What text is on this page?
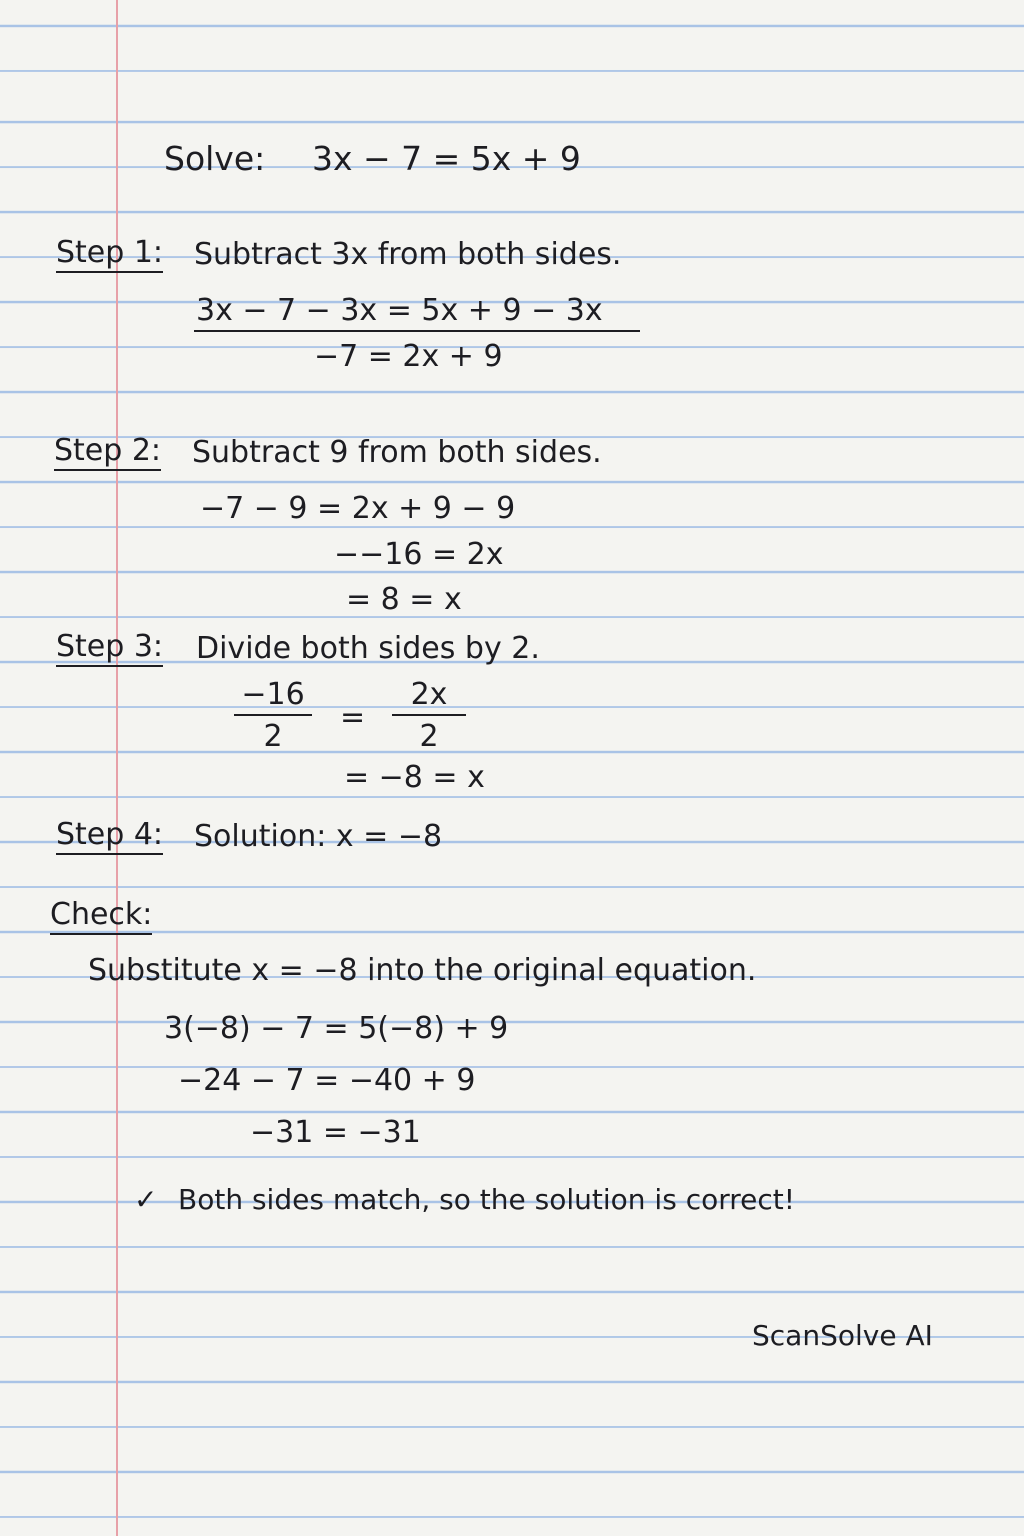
Solve: 3x − 7 = 5x + 9
Step 1: Subtract 3x from both sides.
3x − 7 − 3x = 5x + 9 − 3x
−7 = 2x + 9
Step 2: Subtract 9 from both sides.
−7 − 9 = 2x + 9 − 9
−−16 = 2x
= 8 = x
Step 3: Divide both sides by 2.
$\frac{-16}{2} = \frac{2x}{2}$
= −8 = x
Step 4: Solution: x = −8
Check:
Substitute x = −8 into the original equation.
3(−8) − 7 = 5(−8) + 9
−24 − 7 = −40 + 9
−31 = −31
✓ Both sides match, so the solution is correct!
ScanSolve AI
